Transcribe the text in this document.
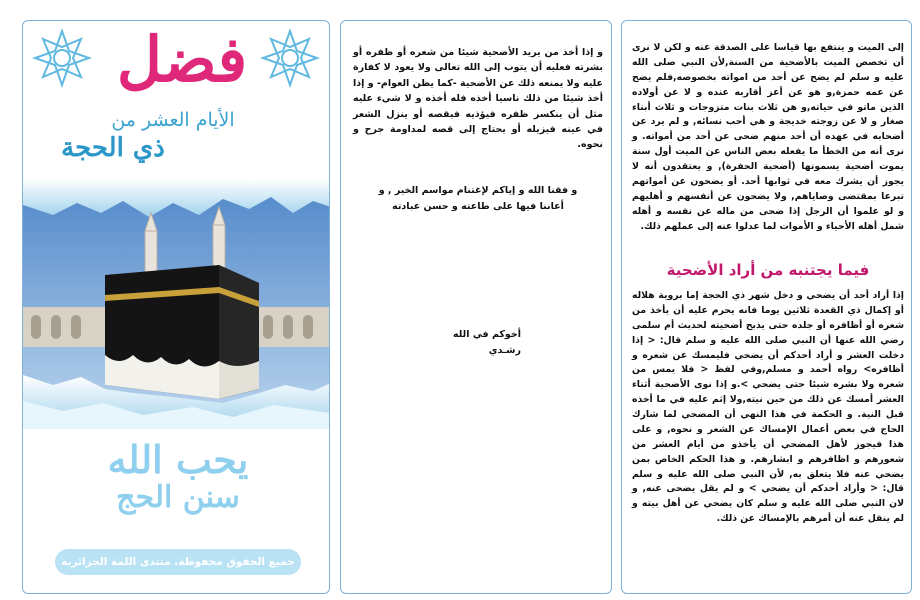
فضل
الأيام العشر من
ذي الحجة
يحب الله
سنن الحج
جميع الحقوق محفوظة. منتدى اللمة الجزائرية

و إذا أخذ من يريد الأضحية شيئا من شعره أو ظفره أو بشرته فعليه أن يتوب إلى الله تعالى ولا يعود لا كفارة عليه ولا يمنعه ذلك عن الأضحية -كما يظن العوام- و إذا أخذ شيئا من ذلك ناسيا أخذه فله أخذه و لا شيء عليه مثل أن ينكسر ظفره فيؤذيه فيقصه أو ينزل الشعر في عينه فيزيله أو يحتاج إلى قصه لمداومة جرح و نحوه.

و فقنا الله و إياكم لإغتنام مواسم الخير , و أعاننا فيها على طاعته و حسن عبادته

أخوكم في الله
رشـدي

إلى الميت و ينتفع بها قياسا على الصدقة عنه و لكن لا نرى أن تخصص الميت بالأضحية من السنة,لأن النبي صلى الله عليه و سلم لم يضح عن أحد من امواته بخصوصه,فلم يضح عن عمه حمزة,و هو عن أعز أقاربه عنده و لا عن أولاده الذين ماتو في حياته,و هن ثلاث بنات متزوجات و ثلاث أبناء صغار و لا عن زوجته خديجة و هي أحب نسائه, و لم يرد عن أضحابه في عهده أن أحد منهم ضحى عن أحد من أمواته. و نرى أنه من الخطأ ما يفعله بعض الناس عن الميت أول سنة يموت أضحية يسمونها (أضحية الحفرة), و يعتقدون أنه لا يجوز أن يشرك معه في ثوابها أحد. أو يضحون عن أمواتهم تبرعا بمقتضى وصاياهم, ولا يضحون عن أنفسهم و أهليهم و لو علموا أن الرجل إذا ضحى من ماله عن نفسه و أهله شمل أهله الأحياء و الأموات لما عدلوا عنه إلى عملهم ذلك.

فيما يجتنبه من أراد الأضحية

إذا أراد أحد أن يضحي و دخل شهر ذي الحجة إما بروية هلاله أو إكمال ذي القعدة ثلاثين يوما فانه يحرم عليه أن يأخذ من شعره أو أظافره أو جلده حتى يذبح أضحيته لحديث أم سلمى رضي الله عنها أن النبي صلى الله عليه و سلم قال: < إذا دخلت العشر و أراد أحدكم أن يضحي فليمسك عن شعره و أظافره> رواه أحمد و مسلم,وفي لفظ < فلا يمس من شعره ولا بشره شيئا حتى يضحي >.و إذا نوى الأضحية أثناء العشر أمسك عن ذلك من حين نيته,ولا إثم عليه في ما أخذه قبل النية. و الحكمة في هذا النهي أن المضحي لما شارك الحاج في بعض أعمال الإمساك عن الشعر و نحوه, و على هذا فيجوز لأهل المضحي أن يأخذو من أيام العشر من شعورهم و اظافرهم و ابشارهم. و هذا الحكم الخاص بمن يضحي عنه فلا يتعلق به, لأن النبي صلى الله عليه و سلم قال: < وأراد أحدكم أن يضحي > و لم يقل يضحى عنه, و لان النبي صلى الله عليه و سلم كان يضحي عن أهل بيته و لم ينقل عنه أن أمرهم بالإمساك عن ذلك.
